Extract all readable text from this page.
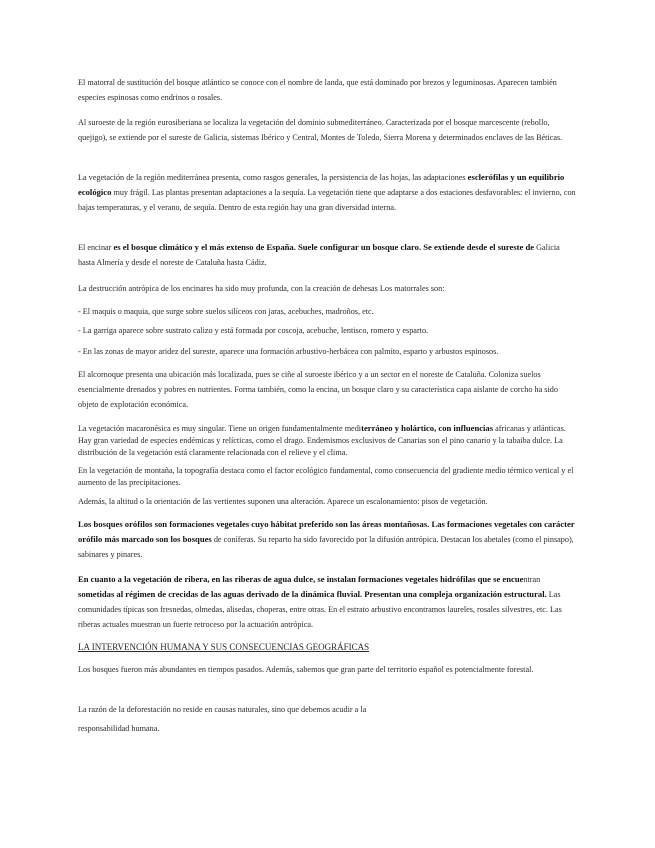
El matorral de sustitución del bosque atlántico se conoce con el nombre de landa, que está dominado por brezos y leguminosas. Aparecen también especies espinosas como endrinos o rosales.

Al suroeste de la región eurosiberiana se localiza la vegetación del dominio submediterráneo. Caracterizada por el bosque marcescente (rebollo, quejigo), se extiende por el sureste de Galicia, sistemas Ibérico y Central, Montes de Toledo, Sierra Morena y determinados enclaves de las Béticas.

La vegetación de la región mediterránea presenta, como rasgos generales, la persistencia de las hojas, las adaptaciones esclerófilas y un equilibrio ecológico muy frágil. Las plantas presentan adaptaciones a la sequía. La vegetación tiene que adaptarse a dos estaciones desfavorables: el invierno, con bajas temperaturas, y el verano, de sequía. Dentro de esta región hay una gran diversidad interna.

El encinar es el bosque climático y el más extenso de España. Suele configurar un bosque claro. Se extiende desde el sureste de Galicia hasta Almería y desde el noreste de Cataluña hasta Cádiz.

La destrucción antrópica de los encinares ha sido muy profunda, con la creación de dehesas Los matorrales son:

- El maquis o maquia, que surge sobre suelos silíceos con jaras, acebuches, madroños, etc.

- La garriga aparece sobre sustrato calizo y está formada por coscoja, acebuche, lentisco, romero y esparto.

- En las zonas de mayor aridez del sureste, aparece una formación arbustivo-herbácea con palmito, esparto y arbustos espinosos.

El alcornoque presenta una ubicación más localizada, pues se ciñe al suroeste ibérico y a un sector en el noreste de Cataluña. Coloniza suelos esencialmente drenados y pobres en nutrientes. Forma también, como la encina, un bosque claro y su característica capa aislante de corcho ha sido objeto de explotación económica.

La vegetación macaronésica es muy singular. Tiene un origen fundamentalmente mediterráneo y holártico, con influencias africanas y atlánticas. Hay gran variedad de especies endémicas y relícticas, como el drago. Endemismos exclusivos de Canarias son el pino canario y la tabaiba dulce. La distribución de la vegetación está claramente relacionada con el relieve y el clima.

En la vegetación de montaña, la topografía destaca como el factor ecológico fundamental, como consecuencia del gradiente medio térmico vertical y el aumento de las precipitaciones.

Además, la altitud o la orientación de las vertientes suponen una alteración. Aparece un escalonamiento: pisos de vegetación.

Los bosques orófilos son formaciones vegetales cuyo hábitat preferido son las áreas montañosas. Las formaciones vegetales con carácter orófilo más marcado son los bosques de coníferas. Su reparto ha sido favorecido por la difusión antrópica. Destacan los abetales (como el pinsapo), sabinares y pinares.

En cuanto a la vegetación de ribera, en las riberas de agua dulce, se instalan formaciones vegetales hidrófilas que se encuentran sometidas al régimen de crecidas de las aguas derivado de la dinámica fluvial. Presentan una compleja organización estructural. Las comunidades típicas son fresnedas, olmedas, alisedas, choperas, entre otras. En el estrato arbustivo encontramos laureles, rosales silvestres, etc. Las riberas actuales muestran un fuerte retroceso por la actuación antrópica.

LA INTERVENCIÓN HUMANA Y SUS CONSECUENCIAS GEOGRÁFICAS

Los bosques fueron más abundantes en tiempos pasados. Además, sabemos que gran parte del territorio español es potencialmente forestal.

La razón de la deforestación no reside en causas naturales, sino que debemos acudir a la

responsabilidad humana.
